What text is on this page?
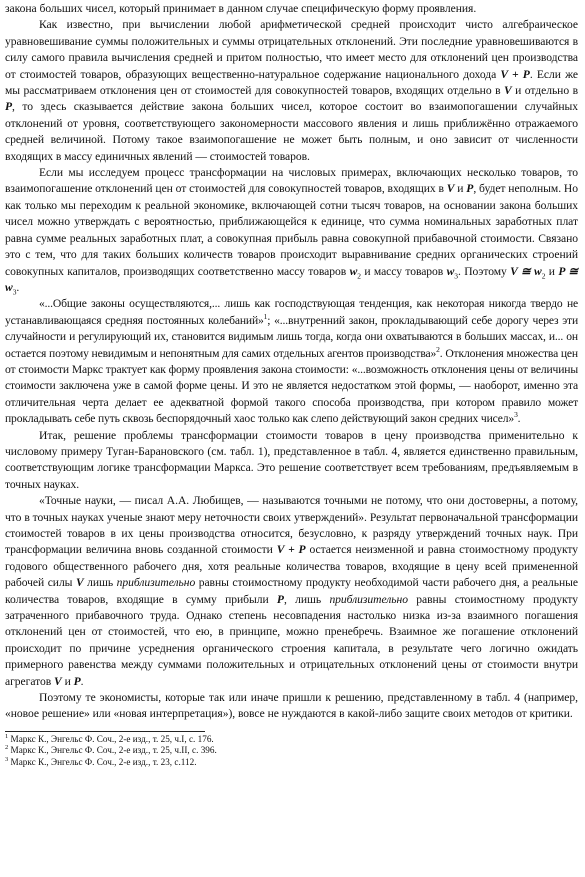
закона больших чисел, который принимает в данном случае специфическую форму проявления.

Как известно, при вычислении любой арифметической средней происходит чисто алгебраическое уравновешивание суммы положительных и суммы отрицательных отклонений. Эти последние уравновешиваются в силу самого правила вычисления средней и притом полностью, что имеет место для отклонений цен производства от стоимостей товаров, образующих вещественно-натуральное содержание национального дохода V + P. Если же мы рассматриваем отклонения цен от стоимостей для совокупностей товаров, входящих отдельно в V и отдельно в P, то здесь сказывается действие закона больших чисел, которое состоит во взаимопогашении случайных отклонений от уровня, соответствующего закономерности массового явления и лишь приближённо отражаемого средней величиной. Потому такое взаимопогашение не может быть полным, и оно зависит от численности входящих в массу единичных явлений — стоимостей товаров.

Если мы исследуем процесс трансформации на числовых примерах, включающих несколько товаров, то взаимопогашение отклонений цен от стоимостей для совокупностей товаров, входящих в V и P, будет неполным. Но как только мы переходим к реальной экономике, включающей сотни тысяч товаров, на основании закона больших чисел можно утверждать с вероятностью, приближающейся к единице, что сумма номинальных заработных плат равна сумме реальных заработных плат, а совокупная прибыль равна совокупной прибавочной стоимости. Связано это с тем, что для таких больших количеств товаров происходит выравнивание средних органических строений совокупных капиталов, производящих соответственно массу товаров $w_2$ и массу товаров $w_3$. Поэтому V ≅ $w_2$ и P ≅ $w_3$.

«...Общие законы осуществляются,... лишь как господствующая тенденция, как некоторая никогда твердо не устанавливающаяся средняя постоянных колебаний»$^1$; «...внутренний закон, прокладывающий себе дорогу через эти случайности и регулирующий их, становится видимым лишь тогда, когда они охватываются в больших массах, и... он остается поэтому невидимым и непонятным для самих отдельных агентов производства»$^2$. Отклонения множества цен от стоимости Маркс трактует как форму проявления закона стоимости: «...возможность отклонения цены от величины стоимости заключена уже в самой форме цены. И это не является недостатком этой формы, — наоборот, именно эта отличительная черта делает ее адекватной формой такого способа производства, при котором правило может прокладывать себе путь сквозь беспорядочный хаос только как слепо действующий закон средних чисел»$^3$.

Итак, решение проблемы трансформации стоимости товаров в цену производства применительно к числовому примеру Туган-Барановского (см. табл. 1), представленное в табл. 4, является единственно правильным, соответствующим логике трансформации Маркса. Это решение соответствует всем требованиям, предъявляемым в точных науках.

«Точные науки, — писал А.А. Любищев, — называются точными не потому, что они достоверны, а потому, что в точных науках ученые знают меру неточности своих утверждений». Результат первоначальной трансформации стоимостей товаров в их цены производства относится, безусловно, к разряду утверждений точных наук. При трансформации величина вновь созданной стоимости V + P остается неизменной и равна стоимостному продукту годового общественного рабочего дня, хотя реальные количества товаров, входящие в цену всей примененной рабочей силы V лишь приблизительно равны стоимостному продукту необходимой части рабочего дня, а реальные количества товаров, входящие в сумму прибыли P, лишь приблизительно равны стоимостному продукту затраченного прибавочного труда. Однако степень несовпадения настолько низка из-за взаимного погашения отклонений цен от стоимостей, что ею, в принципе, можно пренебречь. Взаимное же погашение отклонений происходит по причине усреднения органического строения капитала, в результате чего логично ожидать примерного равенства между суммами положительных и отрицательных отклонений цены от стоимости внутри агрегатов V и P.

Поэтому те экономисты, которые так или иначе пришли к решению, представленному в табл. 4 (например, «новое решение» или «новая интерпретация»), вовсе не нуждаются в какой-либо защите своих методов от критики.

$^1$ Маркс К., Энгельс Ф. Соч., 2-е изд., т. 25, ч.I, с. 176.

$^2$ Маркс К., Энгельс Ф. Соч., 2-е изд., т. 25, ч.II, с. 396.

$^3$ Маркс К., Энгельс Ф. Соч., 2-е изд., т. 23, с.112.
